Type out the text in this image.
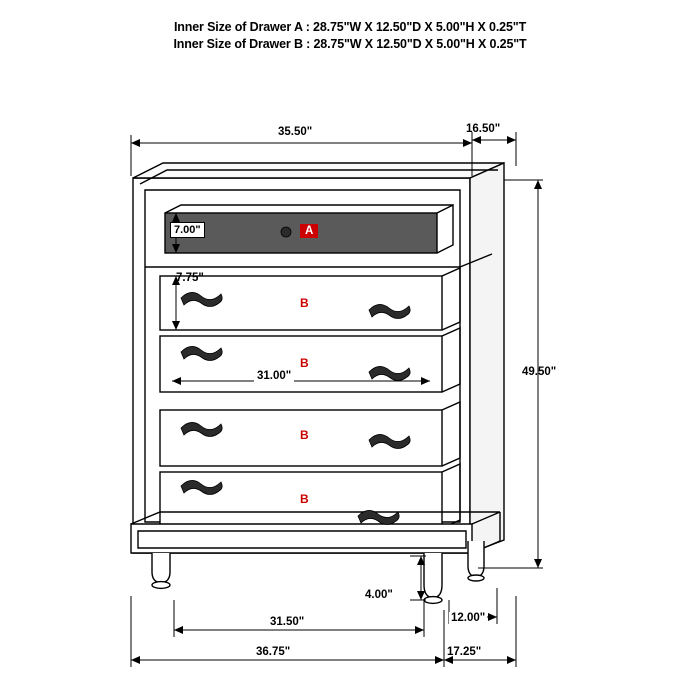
Inner Size of Drawer A : 28.75"W X 12.50"D X 5.00"H X 0.25"T
Inner Size of Drawer B : 28.75"W X 12.50"D X 5.00"H X 0.25"T
35.50"	16.50"
7.00"
7.75"
31.00"	49.50"
4.00"
12.00"
31.50"
36.75"	17.25"
A
B
B
B
B
